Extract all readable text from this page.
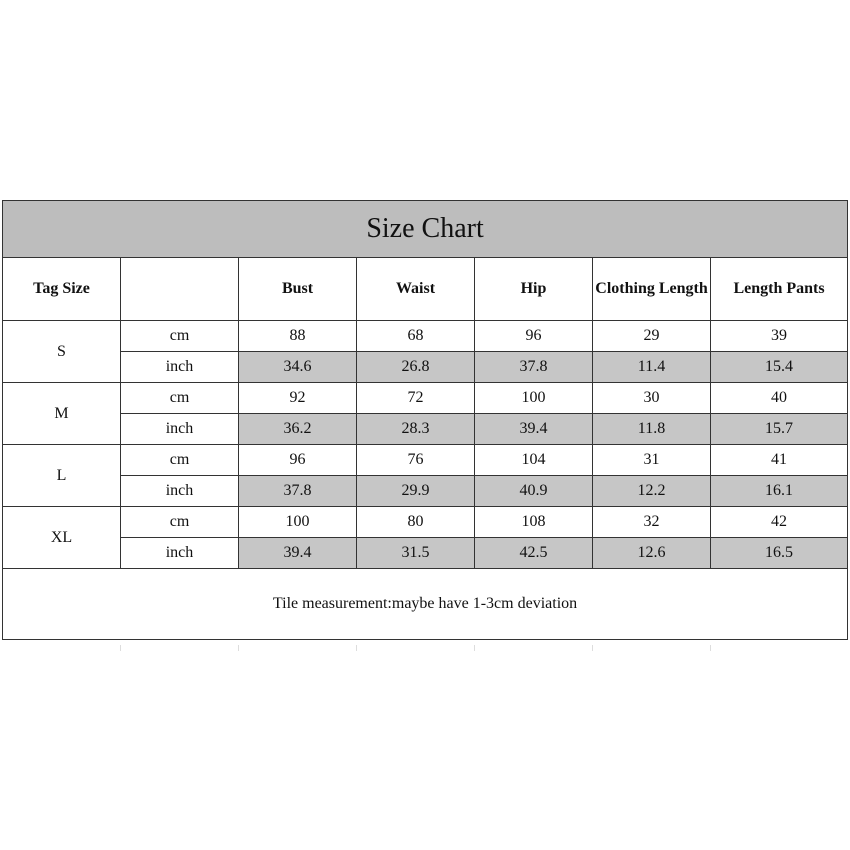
Size Chart						
Tag Size		Bust	Waist	Hip	Clothing Length	Length Pants
S	cm	88	68	96	29	39
	inch	34.6	26.8	37.8	11.4	15.4
M	cm	92	72	100	30	40
	inch	36.2	28.3	39.4	11.8	15.7
L	cm	96	76	104	31	41
	inch	37.8	29.9	40.9	12.2	16.1
XL	cm	100	80	108	32	42
	inch	39.4	31.5	42.5	12.6	16.5
Tile measurement:maybe have 1-3cm deviation						
